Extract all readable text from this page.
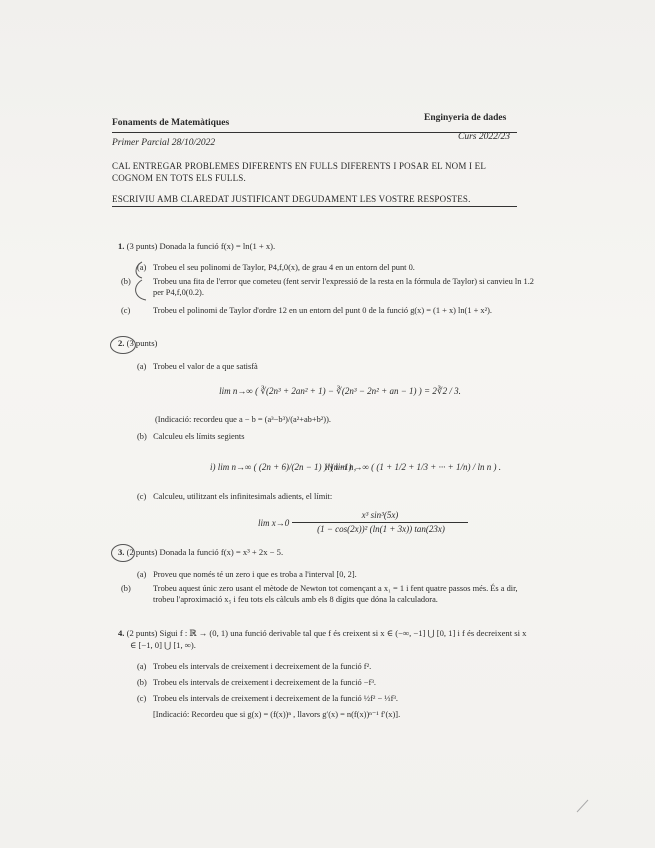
Fonaments de Matemàtiques	Enginyeria de dades
Primer Parcial 28/10/2022
Curs 2022/23
CAL ENTREGAR PROBLEMES DIFERENTS EN FULLS DIFERENTS I POSAR EL NOM I EL COGNOM EN TOTS ELS FULLS.
ESCRIVIU AMB CLAREDAT JUSTIFICANT DEGUDAMENT LES VOSTRE RESPOSTES.
1. (3 punts) Donada la funció f(x) = ln(1 + x).
(a) Trobeu el seu polinomi de Taylor, P4,f,0(x), de grau 4 en un entorn del punt 0.
(b)	Trobeu una fita de l'error que cometeu (fent servir l'expressió de la resta en la fórmula de Taylor) si canvieu ln 1.2 per P4,f,0(0.2).
(c)	Trobeu el polinomi de Taylor d'ordre 12 en un entorn del punt 0 de la funció g(x) = (1 + x) ln(1 + x²).
2. (3 punts)
(a) Trobeu el valor de a que satisfà
lim n→∞ ( ∛(2n³ + 2an² + 1) − ∛(2n³ − 2n² + an − 1) ) = 2∛2 / 3.
(Indicació: recordeu que a − b = (a³−b³)/(a²+ab+b²)).
(b) Calculeu els límits segients
i) lim n→∞ ( (2n + 6)/(2n − 1) )^(n−1) ,
ii) lim n→∞ ( (1 + 1/2 + 1/3 + ··· + 1/n) / ln n ) .
(c) Calculeu, utilitzant els infinitesimals adients, el límit:
lim x→0
x³ sin³(5x)
(1 − cos(2x))² (ln(1 + 3x)) tan(23x)
3. (2 punts) Donada la funció f(x) = x³ + 2x − 5.
(a) Proveu que només té un zero i que es troba a l'interval [0, 2].
(b)	Trobeu aquest únic zero usant el mètode de Newton tot començant a x₁ = 1 i fent quatre passos més. És a dir, trobeu l'aproximació x₅ i feu tots els càlculs amb els 8 dígits que dóna la calculadora.
4. (2 punts) Sigui f : ℝ → (0, 1) una funció derivable tal que f és creixent si x ∈ (−∞, −1] ⋃ [0, 1] i f és decreixent si x ∈ [−1, 0] ⋃ [1, ∞).
(a) Trobeu els intervals de creixement i decreixement de la funció f².
(b) Trobeu els intervals de creixement i decreixement de la funció −f³.
(c) Trobeu els intervals de creixement i decreixement de la funció ½f² − ⅓f³.
[Indicació: Recordeu que si g(x) = (f(x))ⁿ , llavors g′(x) = n(f(x))ⁿ⁻¹ f′(x)].
